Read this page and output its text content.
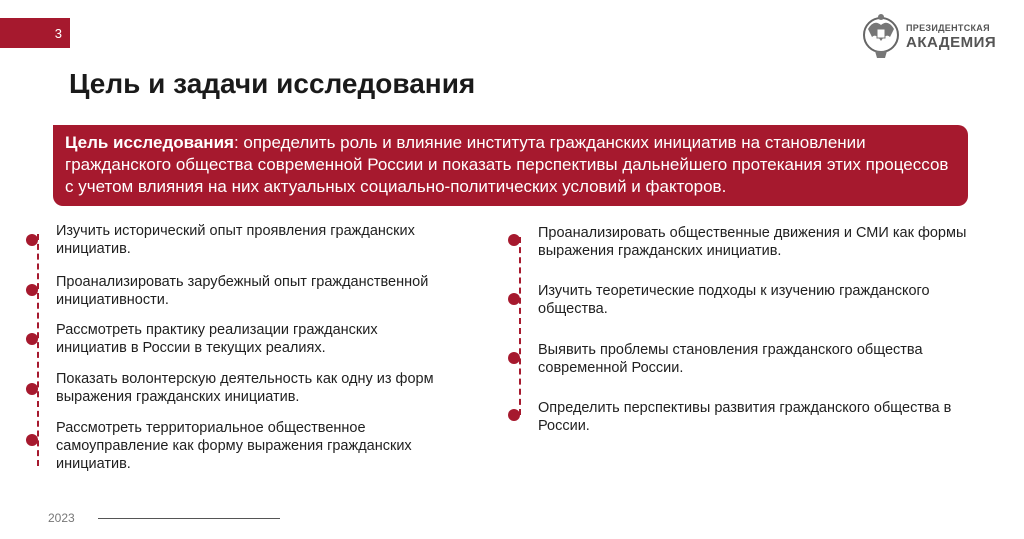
3	ПРЕЗИДЕНТСКАЯ
АКАДЕМИЯ
Цель и задачи исследования
Цель исследования: определить роль и влияние института гражданских инициатив на становлении гражданского общества современной России и показать перспективы дальнейшего протекания этих процессов с учетом влияния на них актуальных социально-политических условий и факторов.
Изучить исторический опыт проявления гражданских инициатив.
Проанализировать зарубежный опыт гражданственной инициативности.
Рассмотреть практику реализации гражданских инициатив в России в текущих реалиях.
Показать волонтерскую деятельность как одну из форм выражения гражданских инициатив.
Рассмотреть территориальное общественное самоуправление как форму выражения гражданских инициатив.
Проанализировать общественные движения и СМИ как формы выражения гражданских инициатив.
Изучить теоретические подходы к изучению гражданского общества.
Выявить проблемы становления гражданского общества современной России.
Определить перспективы развития гражданского общества в России.
2023
